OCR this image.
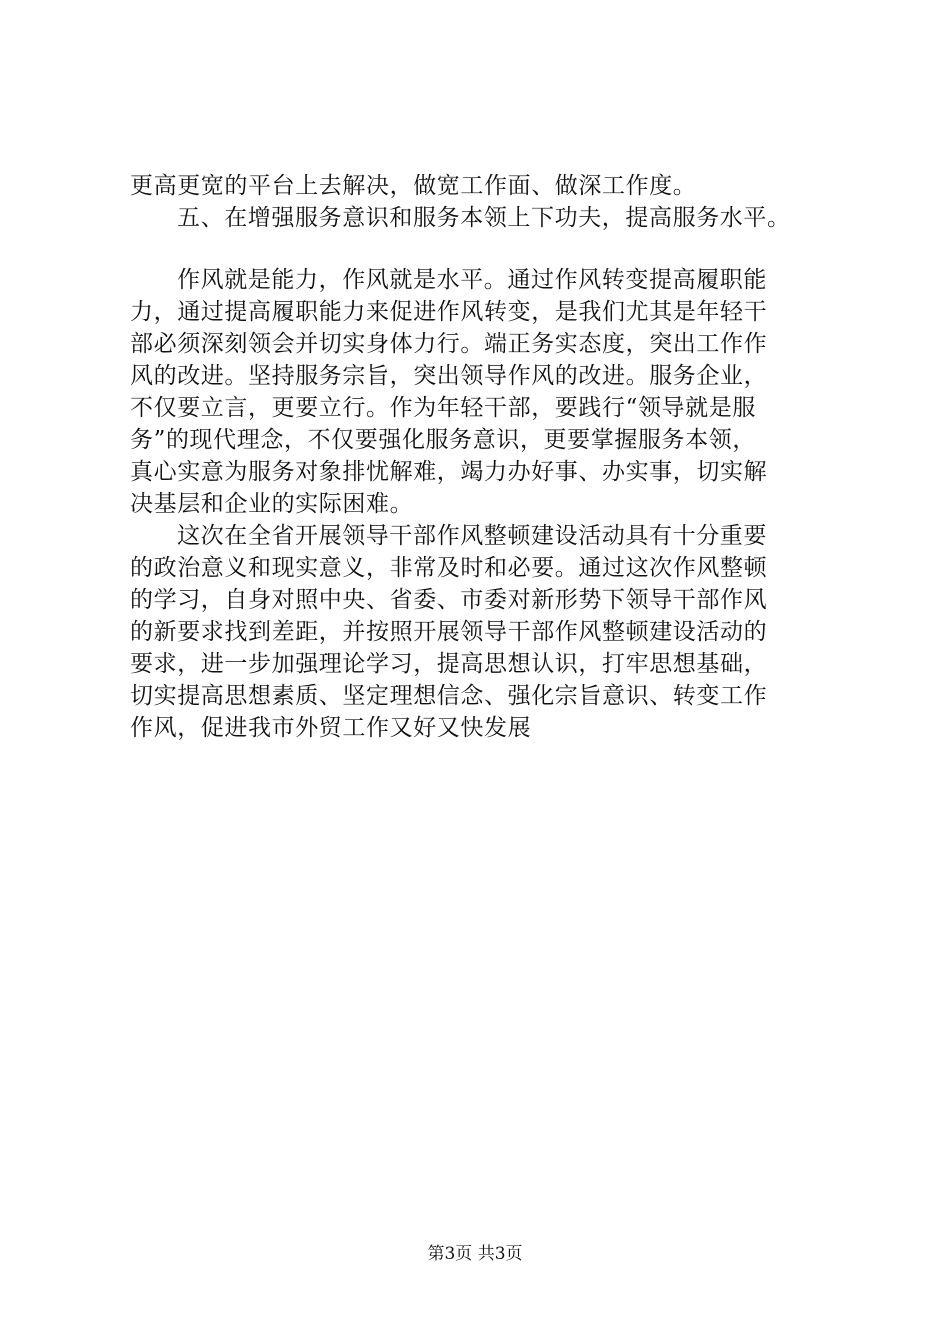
更高更宽的平台上去解决，做宽工作面、做深工作度。
五、在增强服务意识和服务本领上下功夫，提高服务水平。
作风就是能力，作风就是水平。通过作风转变提高履职能
力，通过提高履职能力来促进作风转变，是我们尤其是年轻干
部必须深刻领会并切实身体力行。端正务实态度，突出工作作
风的改进。坚持服务宗旨，突出领导作风的改进。服务企业，
不仅要立言，更要立行。作为年轻干部，要践行“领导就是服
务”的现代理念，不仅要强化服务意识，更要掌握服务本领，
真心实意为服务对象排忧解难，竭力办好事、办实事，切实解
决基层和企业的实际困难。
这次在全省开展领导干部作风整顿建设活动具有十分重要
的政治意义和现实意义，非常及时和必要。通过这次作风整顿
的学习，自身对照中央、省委、市委对新形势下领导干部作风
的新要求找到差距，并按照开展领导干部作风整顿建设活动的
要求，进一步加强理论学习，提高思想认识，打牢思想基础，
切实提高思想素质、坚定理想信念、强化宗旨意识、转变工作
作风，促进我市外贸工作又好又快发展
第3页 共3页
